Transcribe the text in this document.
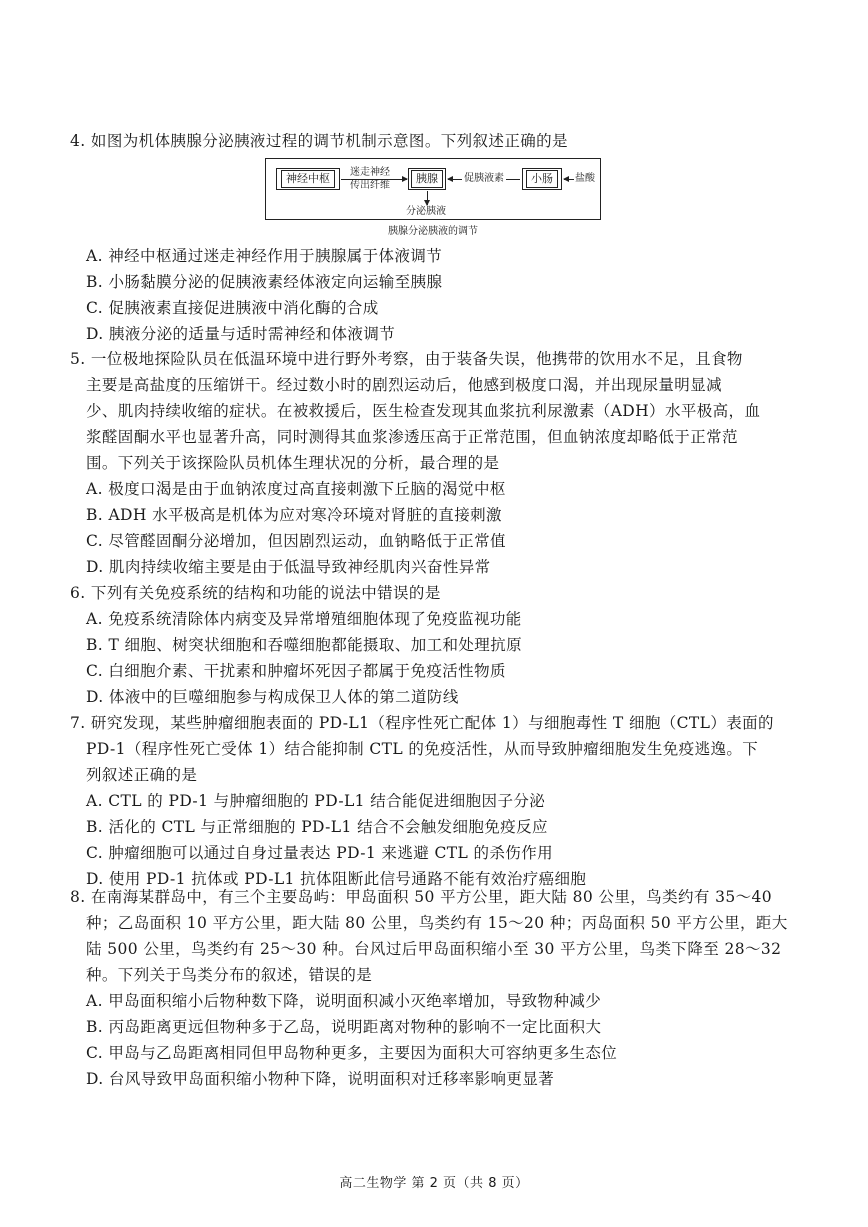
4. 如图为机体胰腺分泌胰液过程的调节机制示意图。下列叙述正确的是

神经中枢	迷走神经
传出纤维
胰腺	促胰液素	小肠	盐酸
分泌胰液
胰腺分泌胰液的调节

A. 神经中枢通过迷走神经作用于胰腺属于体液调节

B. 小肠黏膜分泌的促胰液素经体液定向运输至胰腺

C. 促胰液素直接促进胰液中消化酶的合成

D. 胰液分泌的适量与适时需神经和体液调节

5. 一位极地探险队员在低温环境中进行野外考察，由于装备失误，他携带的饮用水不足，且食物
主要是高盐度的压缩饼干。经过数小时的剧烈运动后，他感到极度口渴，并出现尿量明显减
少、肌肉持续收缩的症状。在被救援后，医生检查发现其血浆抗利尿激素（ADH）水平极高，血
浆醛固酮水平也显著升高，同时测得其血浆渗透压高于正常范围，但血钠浓度却略低于正常范
围。下列关于该探险队员机体生理状况的分析，最合理的是

A. 极度口渴是由于血钠浓度过高直接刺激下丘脑的渴觉中枢

B. ADH 水平极高是机体为应对寒冷环境对肾脏的直接刺激

C. 尽管醛固酮分泌增加，但因剧烈运动，血钠略低于正常值

D. 肌肉持续收缩主要是由于低温导致神经肌肉兴奋性异常

6. 下列有关免疫系统的结构和功能的说法中错误的是

A. 免疫系统清除体内病变及异常增殖细胞体现了免疫监视功能

B. T 细胞、树突状细胞和吞噬细胞都能摄取、加工和处理抗原

C. 白细胞介素、干扰素和肿瘤坏死因子都属于免疫活性物质

D. 体液中的巨噬细胞参与构成保卫人体的第二道防线

7. 研究发现，某些肿瘤细胞表面的 PD-L1（程序性死亡配体 1）与细胞毒性 T 细胞（CTL）表面的
PD-1（程序性死亡受体 1）结合能抑制 CTL 的免疫活性，从而导致肿瘤细胞发生免疫逃逸。下
列叙述正确的是

A. CTL 的 PD-1 与肿瘤细胞的 PD-L1 结合能促进细胞因子分泌

B. 活化的 CTL 与正常细胞的 PD-L1 结合不会触发细胞免疫反应

C. 肿瘤细胞可以通过自身过量表达 PD-1 来逃避 CTL 的杀伤作用

D. 使用 PD-1 抗体或 PD-L1 抗体阻断此信号通路不能有效治疗癌细胞

8. 在南海某群岛中，有三个主要岛屿：甲岛面积 50 平方公里，距大陆 80 公里，鸟类约有 35～40
种；乙岛面积 10 平方公里，距大陆 80 公里，鸟类约有 15～20 种；丙岛面积 50 平方公里，距大
陆 500 公里，鸟类约有 25～30 种。台风过后甲岛面积缩小至 30 平方公里，鸟类下降至 28～32
种。下列关于鸟类分布的叙述，错误的是

A. 甲岛面积缩小后物种数下降，说明面积减小灭绝率增加，导致物种减少

B. 丙岛距离更远但物种多于乙岛，说明距离对物种的影响不一定比面积大

C. 甲岛与乙岛距离相同但甲岛物种更多，主要因为面积大可容纳更多生态位

D. 台风导致甲岛面积缩小物种下降，说明面积对迁移率影响更显著

高二生物学 第 2 页（共 8 页）
